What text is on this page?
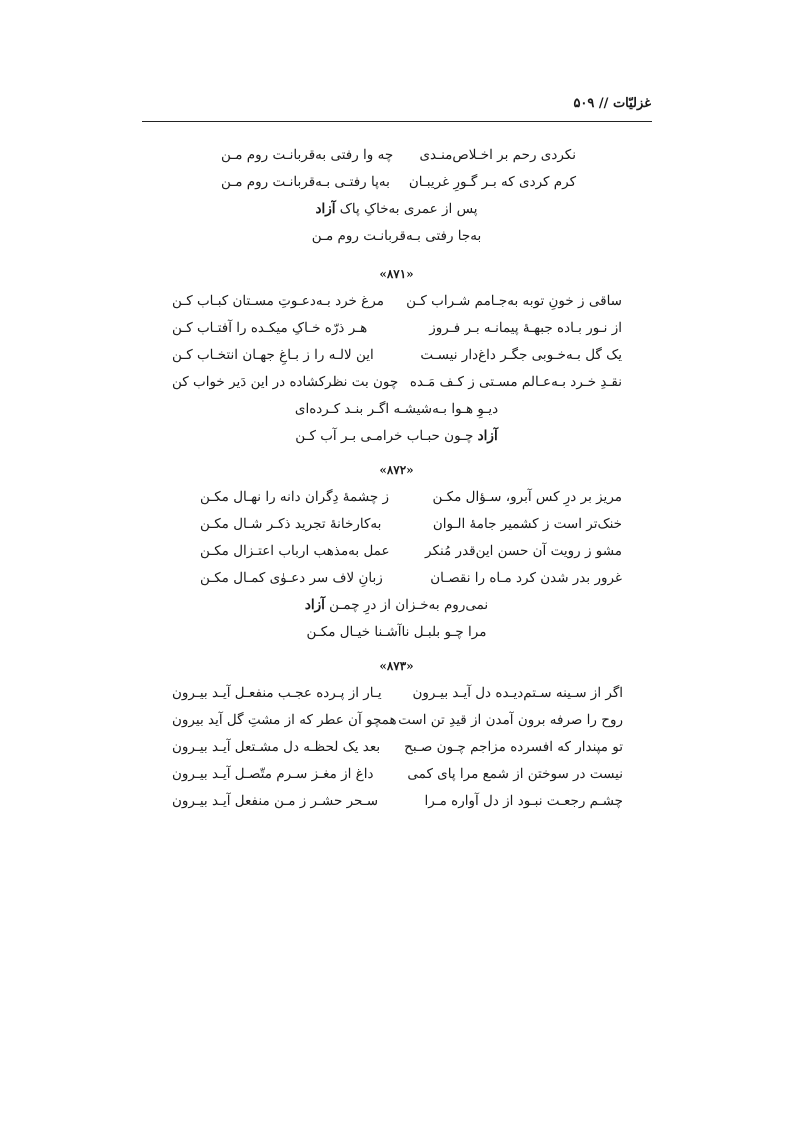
غزلیّات // ۵۰۹
نکردی رحم بر اخـلاص‌منـدی
چه وا رفتی به‌قربانـت روم مـن
کرم کردی که بـر گـورِ غریبـان
به‌پا رفتـی بـه‌قربانـت روم مـن
پس از عمری به‌خاکِ پاک آزاد
به‌جا رفتی بـه‌قربانـت روم مـن
«۸۷۱»
ساقی ز خونِ توبه به‌جـامم شـراب کـن
مرغ خرد بـه‌دعـوتِ مسـتان کبـاب کـن
از نـور بـاده جبهـهٔ پیمانـه بـر فـروز
هـر ذرّه خـاکِ میکـده را آفتـاب کـن
یک گل بـه‌خـوبی جگـر داغ‌دار نیسـت
این لالـه را ز بـاغِ جهـان انتخـاب کـن
نقـدِ خـرد بـه‌عـالم مسـتی ز کـف مَـده
چون بت نظرکشاده در این دَیر خواب کن
دیـوِ هـوا بـه‌شیشـه اگـر بنـد کـرده‌ای
آزاد چـون حبـاب خرامـی بـر آب کـن
«۸۷۲»
مریز بر درِ کس آبرو، سـؤال مکـن
ز چشمهٔ دِگران دانه را نهـال مکـن
خنک‌تر است ز کشمیر جامهٔ الـوان
به‌کارخانهٔ تجرید ذکـر شـال مکـن
مشو ز رویت آن حسن این‌قدر مُنکر
عمل به‌مذهب ارباب اعتـزال مکـن
غرور بدر شدن کرد مـاه را نقصـان
زبانِ لاف سر دعـوٰی کمـال مکـن
نمی‌روم به‌خـزان از درِ چمـن آزاد
مرا چـو بلبـل ناآشـنا خیـال مکـن
«۸۷۳»
اگر از سـینه سـتم‌دیـده دل آیـد بیـرون
یـار از پـرده عجـب منفعـل آیـد بیـرون
روح را صرفه برون آمدن از قیدِ تن است
همچو آن عطر که از مشتِ گل آید بیرون
تو مپندار که افسرده مزاجم چـون صـبح
بعد یک لحظـه دل مشـتعل آیـد بیـرون
نیست در سوختن از شمع مرا پای کمی
داغ از مغـز سـرم متّصـل آیـد بیـرون
چشـم رجعـت نبـود از دل آواره مـرا
سـحر حشـر ز مـن منفعل آیـد بیـرون
